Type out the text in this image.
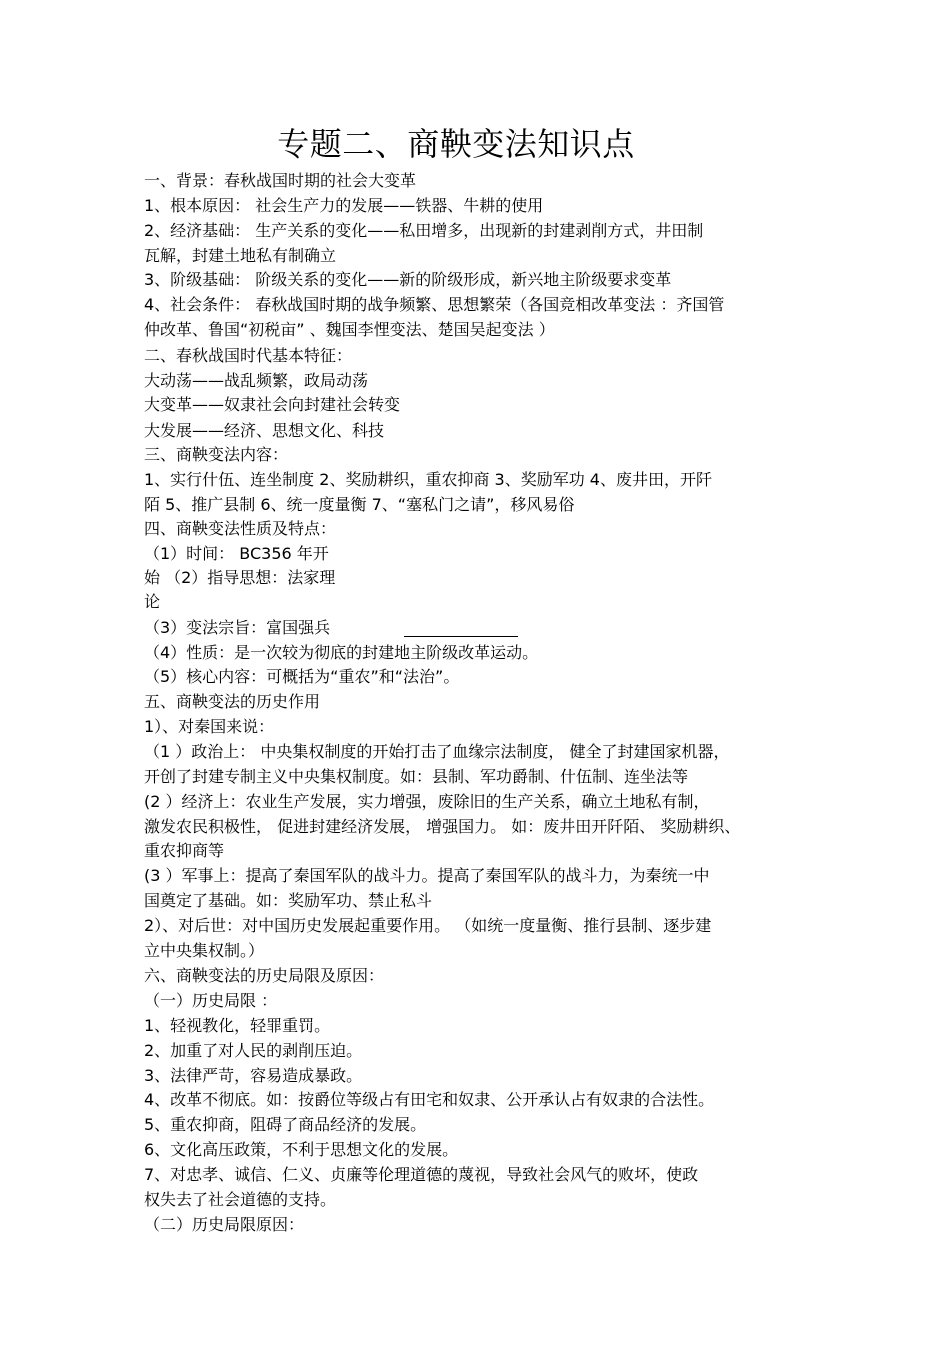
专题二、商鞅变法知识点
一、背景：春秋战国时期的社会大变革
1、根本原因： 社会生产力的发展——铁器、牛耕的使用
2、经济基础： 生产关系的变化——私田增多，出现新的封建剥削方式，井田制
瓦解，封建土地私有制确立
3、阶级基础： 阶级关系的变化——新的阶级形成，新兴地主阶级要求变革
4、社会条件： 春秋战国时期的战争频繁、思想繁荣（各国竞相改革变法 ：齐国管
仲改革、鲁国“初税亩” 、魏国李悝变法、楚国吴起变法 ）
二、春秋战国时代基本特征：
大动荡——战乱频繁，政局动荡
大变革——奴隶社会向封建社会转变
大发展——经济、思想文化、科技
三、商鞅变法内容：
1、实行什伍、连坐制度 2、奖励耕织，重农抑商 3、奖励军功 4、废井田，开阡
陌 5、推广县制 6、统一度量衡 7、“塞私门之请”，移风易俗
四、商鞅变法性质及特点：
（1）时间： BC356 年开
始 （2）指导思想：法家理
论
（3）变法宗旨：富国强兵
（4）性质：是一次较为彻底的封建地主阶级改革运动。
（5）核心内容：可概括为“重农”和“法治”。
五、商鞅变法的历史作用
1）、对秦国来说：
（1 ）政治上： 中央集权制度的开始打击了血缘宗法制度， 健全了封建国家机器，
开创了封建专制主义中央集权制度。如：县制、军功爵制、什伍制、连坐法等
(2 ）经济上：农业生产发展，实力增强，废除旧的生产关系，确立土地私有制，
激发农民积极性， 促进封建经济发展， 增强国力。 如：废井田开阡陌、 奖励耕织、
重农抑商等
(3 ）军事上：提高了秦国军队的战斗力。提高了秦国军队的战斗力，为秦统一中
国奠定了基础。如：奖励军功、禁止私斗
2）、对后世：对中国历史发展起重要作用。 （如统一度量衡、推行县制、逐步建
立中央集权制。）
六、商鞅变法的历史局限及原因：
（一）历史局限 ：
1、轻视教化，轻罪重罚。
2、加重了对人民的剥削压迫。
3、法律严苛，容易造成暴政。
4、改革不彻底。如：按爵位等级占有田宅和奴隶、公开承认占有奴隶的合法性。
5、重农抑商，阻碍了商品经济的发展。
6、文化高压政策，不利于思想文化的发展。
7、对忠孝、诚信、仁义、贞廉等伦理道德的蔑视，导致社会风气的败坏，使政
权失去了社会道德的支持。
（二）历史局限原因：
